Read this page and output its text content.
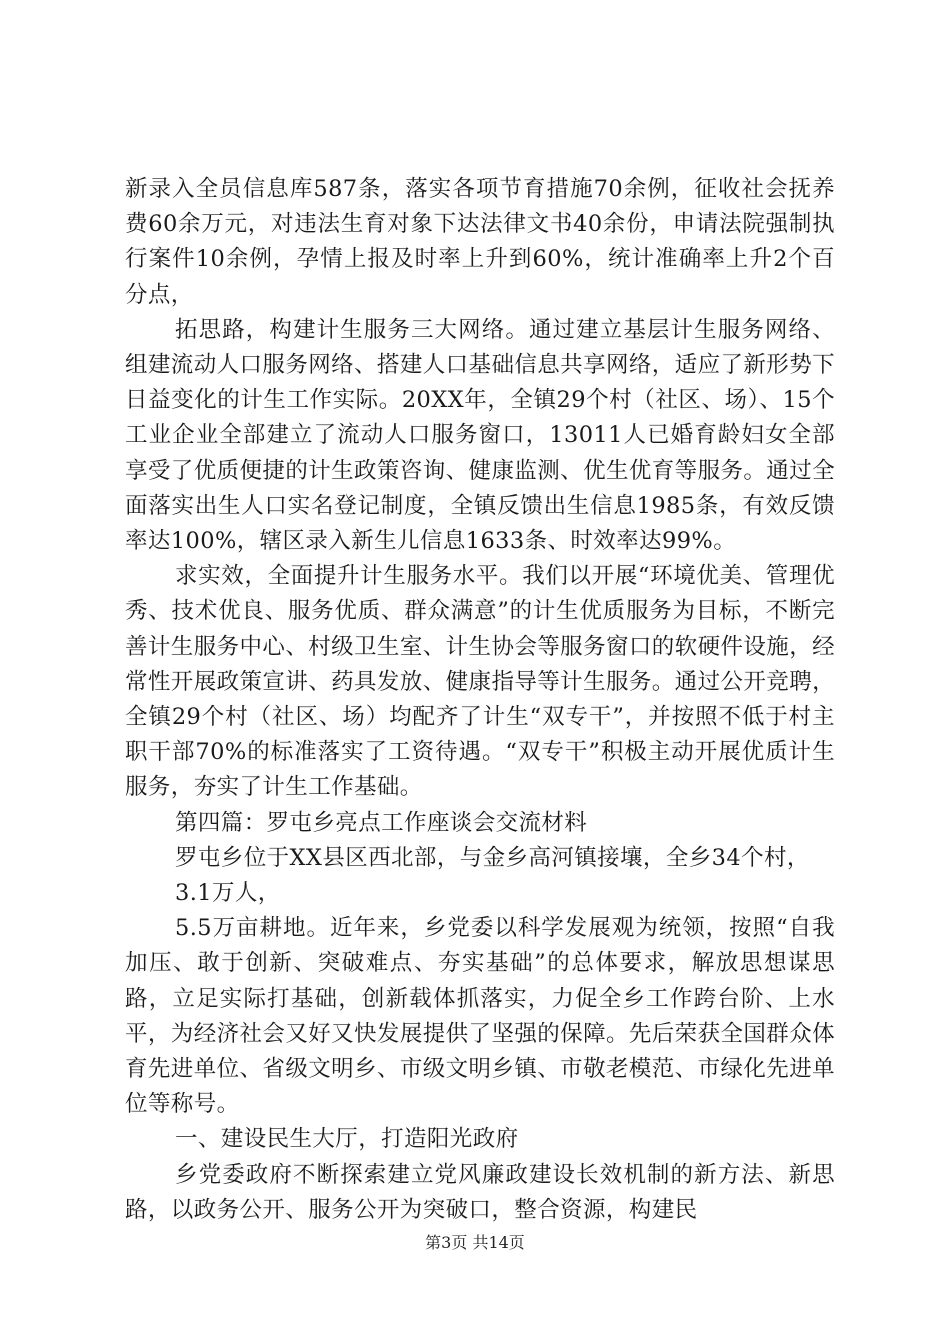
新录入全员信息库587条，落实各项节育措施70余例，征收社会抚养费60余万元，对违法生育对象下达法律文书40余份，申请法院强制执行案件10余例，孕情上报及时率上升到60%，统计准确率上升2个百分点，

拓思路，构建计生服务三大网络。通过建立基层计生服务网络、组建流动人口服务网络、搭建人口基础信息共享网络，适应了新形势下日益变化的计生工作实际。20XX年，全镇29个村（社区、场）、15个工业企业全部建立了流动人口服务窗口，13011人已婚育龄妇女全部享受了优质便捷的计生政策咨询、健康监测、优生优育等服务。通过全面落实出生人口实名登记制度，全镇反馈出生信息1985条，有效反馈率达100%，辖区录入新生儿信息1633条、时效率达99%。

求实效，全面提升计生服务水平。我们以开展“环境优美、管理优秀、技术优良、服务优质、群众满意”的计生优质服务为目标，不断完善计生服务中心、村级卫生室、计生协会等服务窗口的软硬件设施，经常性开展政策宣讲、药具发放、健康指导等计生服务。通过公开竞聘，全镇29个村（社区、场）均配齐了计生“双专干”，并按照不低于村主职干部70%的标准落实了工资待遇。“双专干”积极主动开展优质计生服务，夯实了计生工作基础。

第四篇：罗屯乡亮点工作座谈会交流材料

罗屯乡位于XX县区西北部，与金乡高河镇接壤，全乡34个村，

3.1万人，

5.5万亩耕地。近年来，乡党委以科学发展观为统领，按照“自我加压、敢于创新、突破难点、夯实基础”的总体要求，解放思想谋思路，立足实际打基础，创新载体抓落实，力促全乡工作跨台阶、上水平，为经济社会又好又快发展提供了坚强的保障。先后荣获全国群众体育先进单位、省级文明乡、市级文明乡镇、市敬老模范、市绿化先进单位等称号。

一、建设民生大厅，打造阳光政府

乡党委政府不断探索建立党风廉政建设长效机制的新方法、新思路，以政务公开、服务公开为突破口，整合资源，构建民

第3页 共14页
